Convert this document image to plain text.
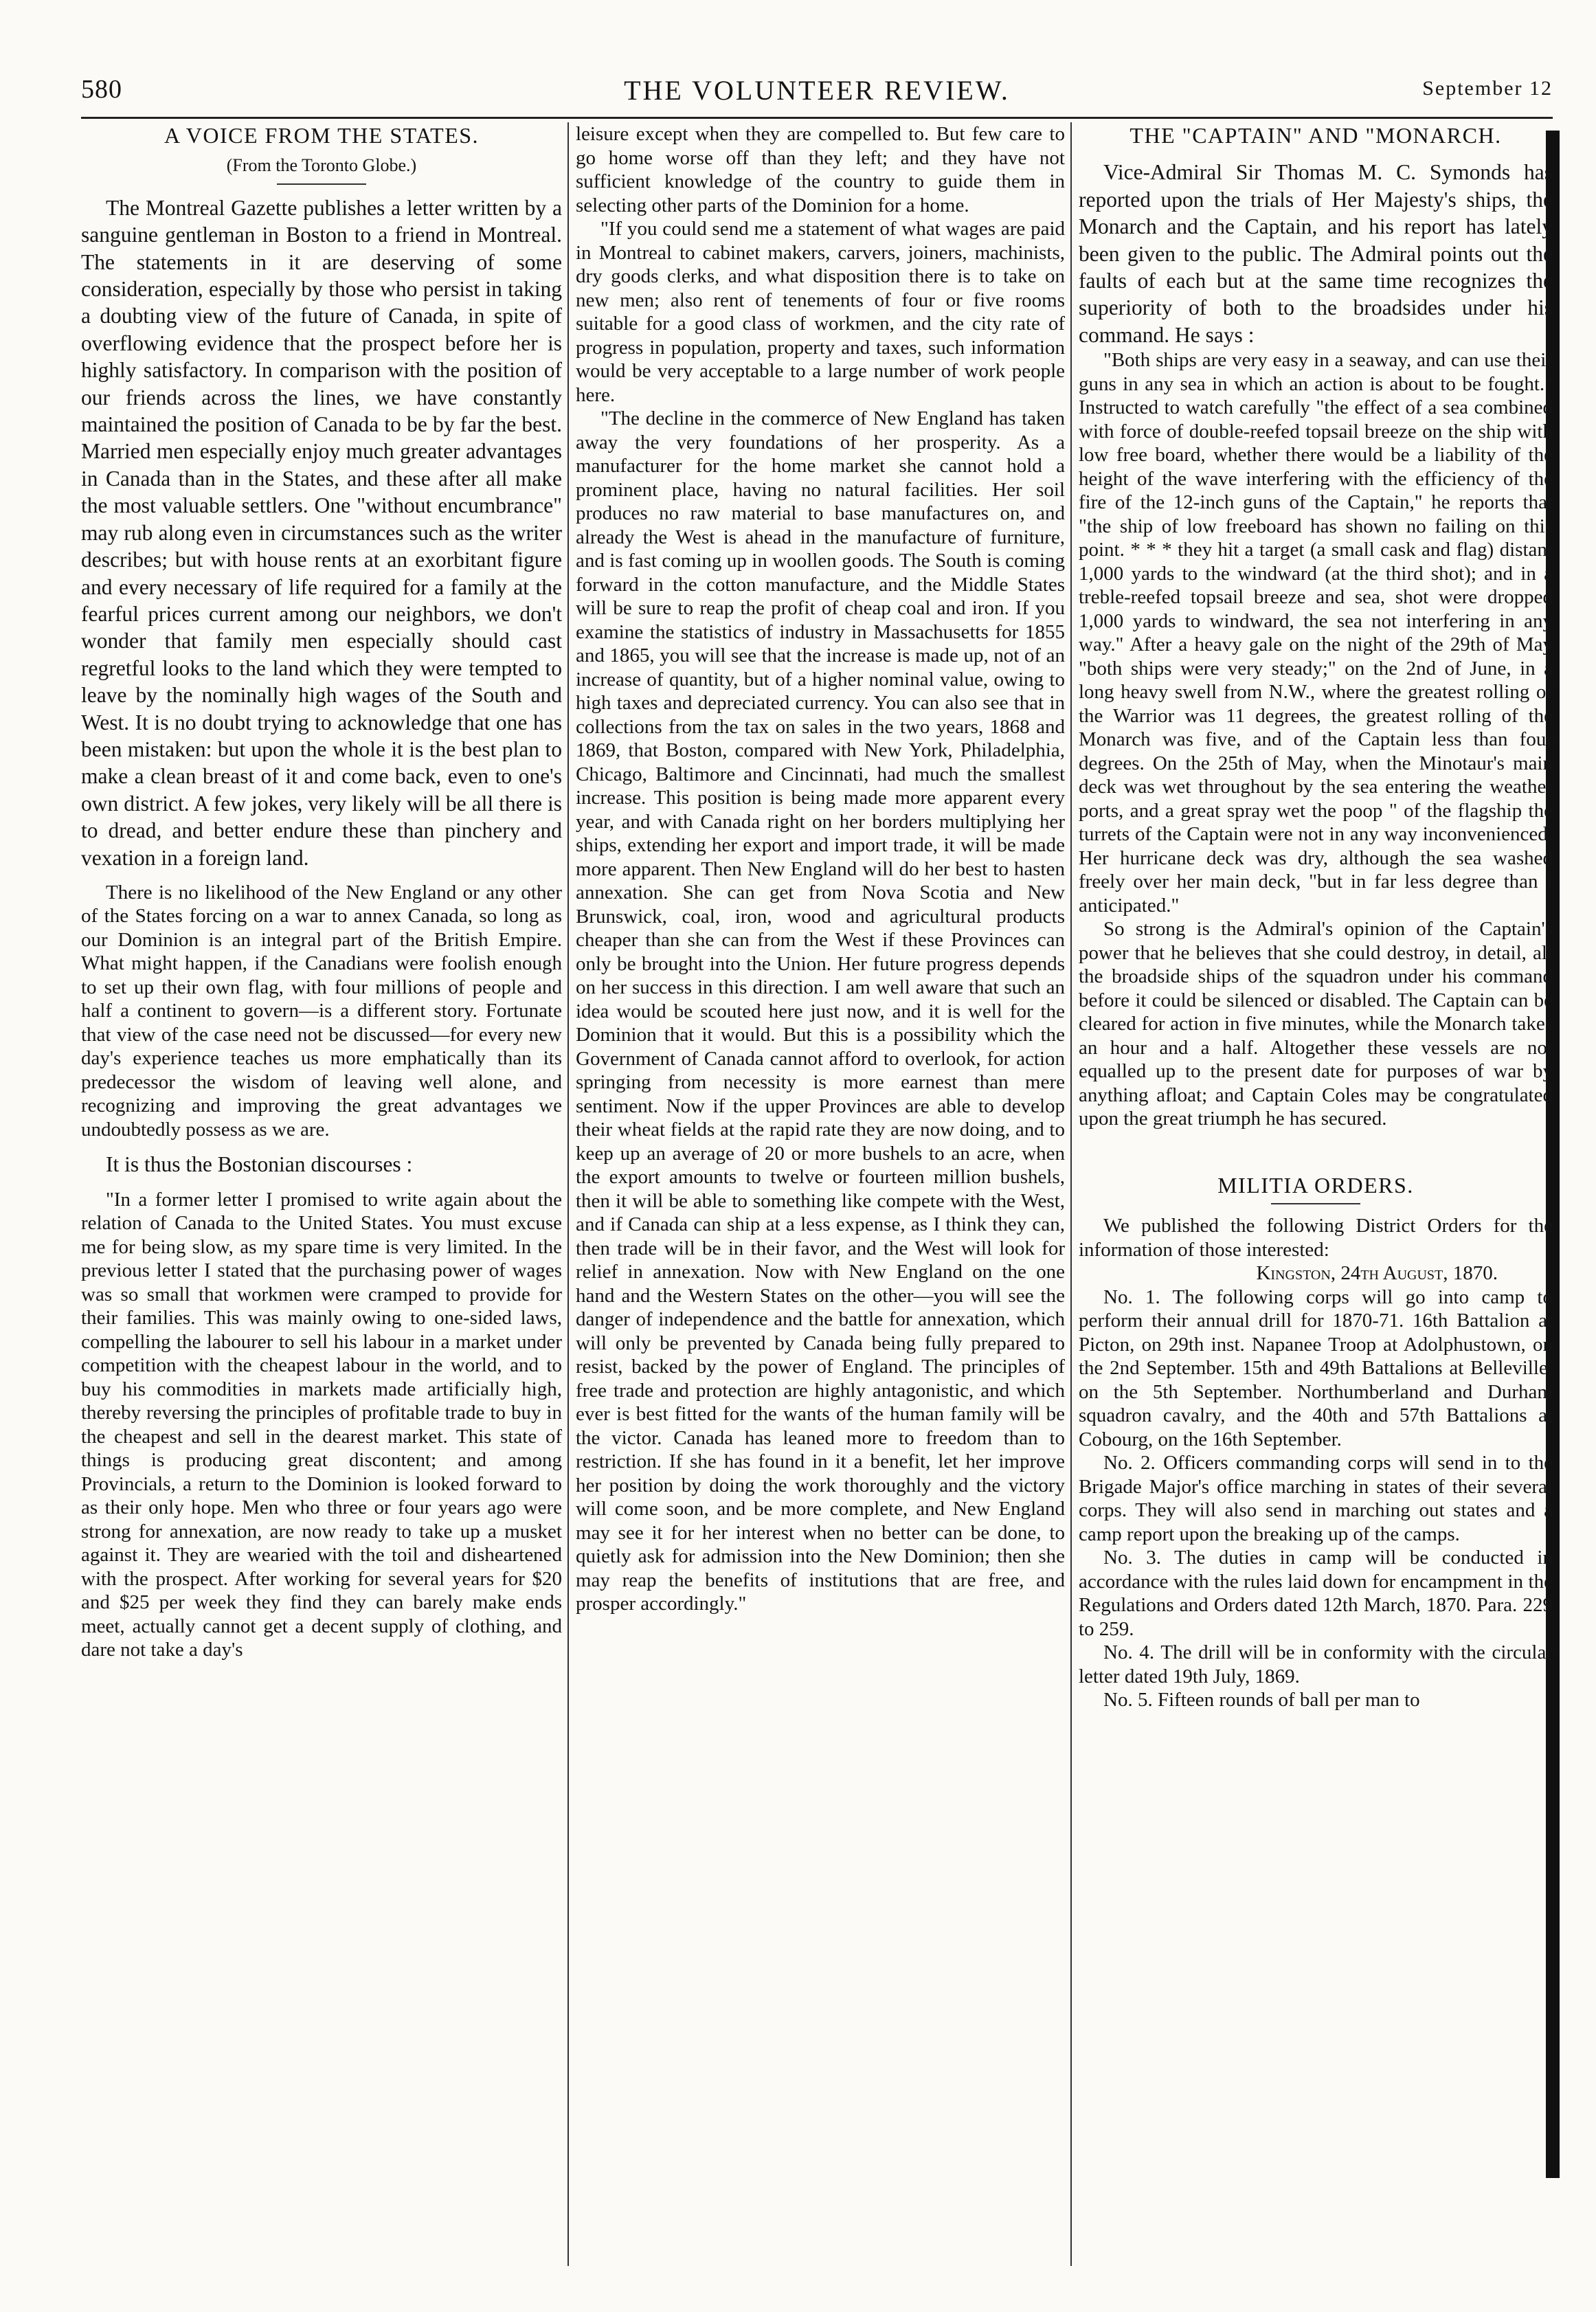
580	THE VOLUNTEER REVIEW.	September 12
A VOICE FROM THE STATES.
(From the Toronto Globe.)

The Montreal Gazette publishes a letter written by a sanguine gentleman in Boston to a friend in Montreal. The statements in it are deserving of some consideration, especially by those who persist in taking a doubting view of the future of Canada, in spite of overflowing evidence that the prospect before her is highly satisfactory. In comparison with the position of our friends across the lines, we have constantly maintained the position of Canada to be by far the best. Married men especially enjoy much greater advantages in Canada than in the States, and these after all make the most valuable settlers. One "without encumbrance" may rub along even in circumstances such as the writer describes; but with house rents at an exorbitant figure and every necessary of life required for a family at the fearful prices current among our neighbors, we don't wonder that family men especially should cast regretful looks to the land which they were tempted to leave by the nominally high wages of the South and West. It is no doubt trying to acknowledge that one has been mistaken: but upon the whole it is the best plan to make a clean breast of it and come back, even to one's own district. A few jokes, very likely will be all there is to dread, and better endure these than pinchery and vexation in a foreign land.

There is no likelihood of the New England or any other of the States forcing on a war to annex Canada, so long as our Dominion is an integral part of the British Empire. What might happen, if the Canadians were foolish enough to set up their own flag, with four millions of people and half a continent to govern—is a different story. Fortunate that view of the case need not be discussed—for every new day's experience teaches us more emphatically than its predecessor the wisdom of leaving well alone, and recognizing and improving the great advantages we undoubtedly possess as we are.

It is thus the Bostonian discourses :

"In a former letter I promised to write again about the relation of Canada to the United States. You must excuse me for being slow, as my spare time is very limited. In the previous letter I stated that the purchasing power of wages was so small that workmen were cramped to provide for their families. This was mainly owing to one-sided laws, compelling the labourer to sell his labour in a market under competition with the cheapest labour in the world, and to buy his commodities in markets made artificially high, thereby reversing the principles of profitable trade to buy in the cheapest and sell in the dearest market. This state of things is producing great discontent; and among Provincials, a return to the Dominion is looked forward to as their only hope. Men who three or four years ago were strong for annexation, are now ready to take up a musket against it. They are wearied with the toil and disheartened with the prospect. After working for several years for $20 and $25 per week they find they can barely make ends meet, actually cannot get a decent supply of clothing, and dare not take a day's

leisure except when they are compelled to. But few care to go home worse off than they left; and they have not sufficient knowledge of the country to guide them in selecting other parts of the Dominion for a home.

"If you could send me a statement of what wages are paid in Montreal to cabinet makers, carvers, joiners, machinists, dry goods clerks, and what disposition there is to take on new men; also rent of tenements of four or five rooms suitable for a good class of workmen, and the city rate of progress in population, property and taxes, such information would be very acceptable to a large number of work people here.

"The decline in the commerce of New England has taken away the very foundations of her prosperity. As a manufacturer for the home market she cannot hold a prominent place, having no natural facilities. Her soil produces no raw material to base manufactures on, and already the West is ahead in the manufacture of furniture, and is fast coming up in woollen goods. The South is coming forward in the cotton manufacture, and the Middle States will be sure to reap the profit of cheap coal and iron. If you examine the statistics of industry in Massachusetts for 1855 and 1865, you will see that the increase is made up, not of an increase of quantity, but of a higher nominal value, owing to high taxes and depreciated currency. You can also see that in collections from the tax on sales in the two years, 1868 and 1869, that Boston, compared with New York, Philadelphia, Chicago, Baltimore and Cincinnati, had much the smallest increase. This position is being made more apparent every year, and with Canada right on her borders multiplying her ships, extending her export and import trade, it will be made more apparent. Then New England will do her best to hasten annexation. She can get from Nova Scotia and New Brunswick, coal, iron, wood and agricultural products cheaper than she can from the West if these Provinces can only be brought into the Union. Her future progress depends on her success in this direction. I am well aware that such an idea would be scouted here just now, and it is well for the Dominion that it would. But this is a possibility which the Government of Canada cannot afford to overlook, for action springing from necessity is more earnest than mere sentiment. Now if the upper Provinces are able to develop their wheat fields at the rapid rate they are now doing, and to keep up an average of 20 or more bushels to an acre, when the export amounts to twelve or fourteen million bushels, then it will be able to something like compete with the West, and if Canada can ship at a less expense, as I think they can, then trade will be in their favor, and the West will look for relief in annexation. Now with New England on the one hand and the Western States on the other—you will see the danger of independence and the battle for annexation, which will only be prevented by Canada being fully prepared to resist, backed by the power of England. The principles of free trade and protection are highly antagonistic, and which ever is best fitted for the wants of the human family will be the victor. Canada has leaned more to freedom than to restriction. If she has found in it a benefit, let her improve her position by doing the work thoroughly and the victory will come soon, and be more complete, and New England may see it for her interest when no better can be done, to quietly ask for admission into the New Dominion; then she may reap the benefits of institutions that are free, and prosper accordingly."

THE "CAPTAIN" AND "MONARCH.

Vice-Admiral Sir Thomas M. C. Symonds has reported upon the trials of Her Majesty's ships, the Monarch and the Captain, and his report has lately been given to the public. The Admiral points out the faults of each but at the same time recognizes the superiority of both to the broadsides under his command. He says :

"Both ships are very easy in a seaway, and can use their guns in any sea in which an action is about to be fought." Instructed to watch carefully "the effect of a sea combined with force of double-reefed topsail breeze on the ship with low free board, whether there would be a liability of the height of the wave interfering with the efficiency of the fire of the 12-inch guns of the Captain," he reports that "the ship of low freeboard has shown no failing on this point. * * * they hit a target (a small cask and flag) distant 1,000 yards to the windward (at the third shot); and in a treble-reefed topsail breeze and sea, shot were dropped 1,000 yards to windward, the sea not interfering in any way." After a heavy gale on the night of the 29th of May "both ships were very steady;" on the 2nd of June, in a long heavy swell from N.W., where the greatest rolling of the Warrior was 11 degrees, the greatest rolling of the Monarch was five, and of the Captain less than four degrees. On the 25th of May, when the Minotaur's main deck was wet throughout by the sea entering the weather ports, and a great spray wet the poop " of the flagship the turrets of the Captain were not in any way inconvenienced. Her hurricane deck was dry, although the sea washed freely over her main deck, "but in far less degree than I anticipated."

So strong is the Admiral's opinion of the Captain's power that he believes that she could destroy, in detail, all the broadside ships of the squadron under his command before it could be silenced or disabled. The Captain can be cleared for action in five minutes, while the Monarch takes an hour and a half. Altogether these vessels are not equalled up to the present date for purposes of war by anything afloat; and Captain Coles may be congratulated upon the great triumph he has secured.

MILITIA ORDERS.

We published the following District Orders for the information of those interested:

Kingston, 24th August, 1870.

No. 1. The following corps will go into camp to perform their annual drill for 1870-71. 16th Battalion at Picton, on 29th inst. Napanee Troop at Adolphustown, on the 2nd September. 15th and 49th Battalions at Belleville, on the 5th September. Northumberland and Durham squadron cavalry, and the 40th and 57th Battalions at Cobourg, on the 16th September.

No. 2. Officers commanding corps will send in to the Brigade Major's office marching in states of their several corps. They will also send in marching out states and a camp report upon the breaking up of the camps.

No. 3. The duties in camp will be conducted in accordance with the rules laid down for encampment in the Regulations and Orders dated 12th March, 1870. Para. 229 to 259.

No. 4. The drill will be in conformity with the circular letter dated 19th July, 1869.

No. 5. Fifteen rounds of ball per man to
